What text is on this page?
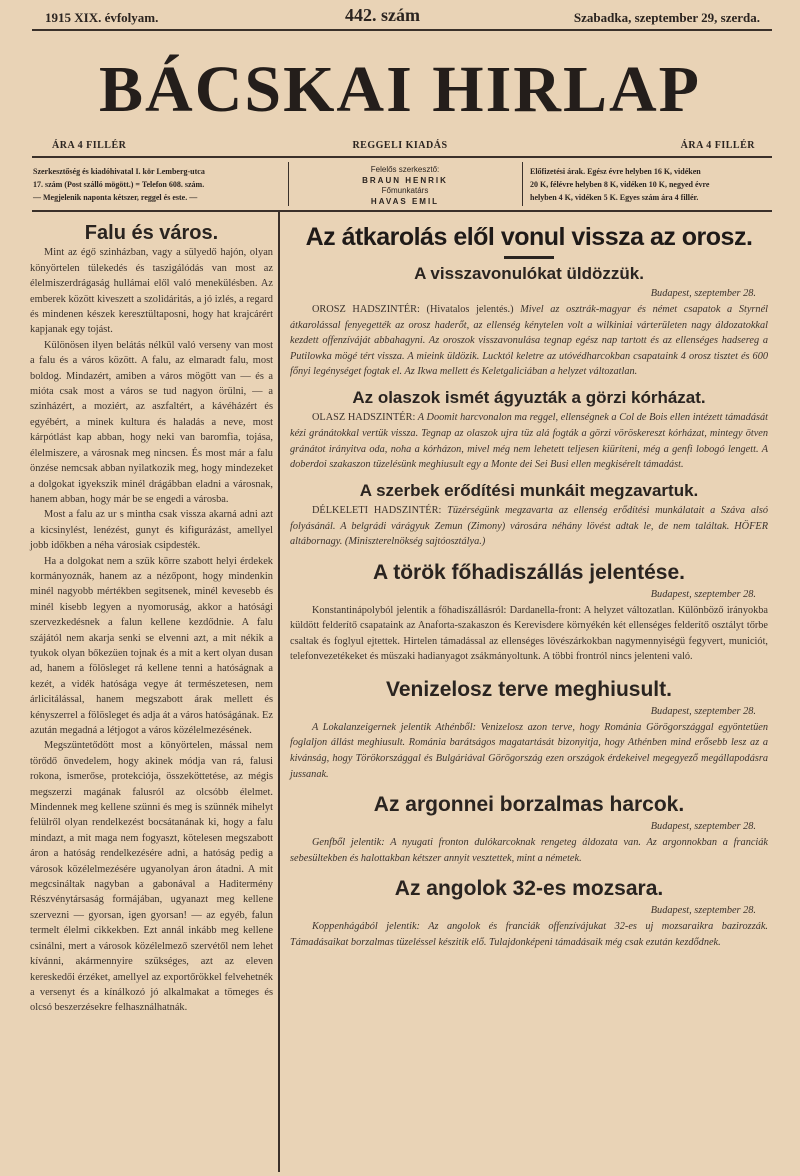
1915 XIX. évfolyam.	442. szám	Szabadka, szeptember 29, szerda.
BÁCSKAI HIRLAP
ÁRA 4 FILLÉR	REGGELI KIADÁS	ÁRA 4 FILLÉR
Szerkesztőség és kiadóhivatal I. kör Lemberg-utca
17. szám (Post szálló mögött.) = Telefon 608. szám.
— Megjelenik naponta kétszer, reggel és este. —
Felelős szerkesztő:
BRAUN HENRIK
Főmunkatárs
HAVAS EMIL
Előfizetési árak. Egész évre helyben 16 K, vidéken
20 K, félévre helyben 8 K, vidéken 10 K, negyed évre
helyben 4 K, vidéken 5 K. Egyes szám ára 4 fillér.
Falu és város.

Mint az égő szinházban, vagy a sülyedő hajón, olyan könyörtelen tülekedés és taszigálódás van most az élelmiszerdrágaság hullámai elől való menekülésben. Az emberek között kiveszett a szolidáritás, a jó izlés, a regard és mindenen készek keresztültaposni, hogy hat krajcárért kapjanak egy tojást.

Különösen ilyen belátás nélkül való verseny van most a falu és a város között. A falu, az elmaradt falu, most boldog. Mindazért, amiben a város mögött van — és a mióta csak most a város se tud nagyon örülni, — a szinházért, a moziért, az aszfaltért, a kávéházért és egyébért, a minek kultura és haladás a neve, most kárpótlást kap abban, hogy neki van baromfia, tojása, élelmiszere, a városnak meg nincsen. És most már a falu önzése nemcsak abban nyilatkozik meg, hogy mindezeket a dolgokat igyekszik minél drágábban eladni a városnak, hanem abban, hogy már be se engedi a városba.

Most a falu az ur s mintha csak vissza akarná adni azt a kicsinylést, lenézést, gunyt és kifigurázást, amellyel jobb időkben a néha városiak csipdesték.

Ha a dolgokat nem a szük körre szabott helyi érdekek kormányoznák, hanem az a nézőpont, hogy mindenkin minél nagyobb mértékben segitsenek, minél kevesebb és minél kisebb legyen a nyomoruság, akkor a hatósági szervezkedésnek a falun kellene kezdődnie. A falu szájától nem akarja senki se elvenni azt, a mit nékik a tyukok olyan bőkezüen tojnak és a mit a kert olyan dusan ad, hanem a fölösleget rá kellene tenni a hatóságnak a kezét, a vidék hatósága vegye át természetesen, nem árlicitálással, hanem megszabott árak mellett és kényszerrel a fölösleget és adja át a város hatóságának. Ez azután megadná a létjogot a város közélelmezésének.

Megszüntetődött most a könyörtelen, mással nem törődő önvedelem, hogy akinek módja van rá, falusi rokona, ismerőse, protekciója, összeköttetése, az mégis megszerzi magának falusról az olcsóbb élelmet. Mindennek meg kellene szünni és meg is szünnék mihelyt felülről olyan rendelkezést bocsátanának ki, hogy a falu mindazt, a mit maga nem fogyaszt, kötelesen megszabott áron a hatóság rendelkezésére adni, a hatóság pedig a városok közélelmezésére ugyanolyan áron átadni. A mit megcsináltak nagyban a gabonával a Haditermény Részvénytársaság formájában, ugyanazt meg kellene szervezni — gyorsan, igen gyorsan! — az egyéb, falun termelt élelmi cikkekben. Ezt annál inkább meg kellene csinálni, mert a városok közélelmező szervétől nem lehet kívánni, akármennyire szükséges, azt az eleven kereskedői érzéket, amellyel az exportőrökkel felvehetnék a versenyt és a kínálkozó jó alkalmakat a tömeges és olcsó beszerzésekre felhasználhatnák.

Az átkarolás elől vonul vissza az orosz.
A visszavonulókat üldözzük.
Budapest, szeptember 28.

OROSZ HADSZINTÉR: (Hivatalos jelentés.) Mivel az osztrák-magyar és német csapatok a Styrnél átkarolással fenyegették az orosz haderőt, az ellenség kénytelen volt a wilkiniai várterületen nagy áldozatokkal kezdett offenzíváját abbahagyni. Az oroszok visszavonulása tegnap egész nap tartott és az ellenséges hadsereg a Putilowka mögé tért vissza. A mieink üldözik. Lucktól keletre az utóvédharcokban csapataink 4 orosz tisztet és 600 főnyi legénységet fogtak el. Az Ikwa mellett és Keletgaliciában a helyzet változatlan.

Az olaszok ismét ágyuzták a görzi kórházat.

OLASZ HADSZINTÉR: A Doomit harcvonalon ma reggel, ellenségnek a Col de Bois ellen intézett támadását kézi gránátokkal vertük vissza. Tegnap az olaszok ujra tüz alá fogták a görzi vöröskereszt kórházat, mintegy ötven gránátot irányitva oda, noha a kórházon, mivel még nem lehetett teljesen kiüríteni, még a genfi lobogó lengett. A doberdoi szakaszon tüzelésünk meghiusult egy a Monte dei Sei Busi ellen megkisérelt támadást.

A szerbek erődítési munkáit megzavartuk.

DÉLKELETI HADSZINTÉR: Tüzérségünk megzavarta az ellenség erődítési munkálatait a Száva alsó folyásánál. A belgrádi várágyuk Zemun (Zimony) városára néhány lövést adtak le, de nem találtak. HÖFER altábornagy. (Miniszterelnökség sajtóosztálya.)

A török főhadiszállás jelentése.
Budapest, szeptember 28.

Konstantinápolyból jelentik a főhadiszállásról: Dardanella-front: A helyzet változatlan. Különböző irányokba küldött felderítő csapataink az Anaforta-szakaszon és Kerevisdere környékén két ellenséges felderítő osztályt tőrbe csaltak és foglyul ejtettek. Hirtelen támadással az ellenséges lövészárkokban nagymennyiségü fegyvert, municiót, telefonvezetékeket és müszaki hadianyagot zsákmányoltunk. A többi frontról nincs jelenteni való.

Venizelosz terve meghiusult.
Budapest, szeptember 28.

A Lokalanzeigernek jelentik Athénből: Venizelosz azon terve, hogy Románia Görögországgal egyöntetüen foglaljon állást meghiusult. Románia barátságos magatartását bizonyitja, hogy Athénben mind erősebb lesz az a kivánság, hogy Törökországgal és Bulgáriával Görögország ezen országok érdekeivel megegyező megállapodásra jussanak.

Az argonnei borzalmas harcok.
Budapest, szeptember 28.

Genfből jelentik: A nyugati fronton dulókarcoknak rengeteg áldozata van. Az argonnokban a franciák sebesültekben és halottakban kétszer annyit vesztettek, mint a németek.

Az angolok 32-es mozsara.
Budapest, szeptember 28.

Koppenhágából jelentik: Az angolok és franciák offenzívájukat 32-es uj mozsaraikra bazirozzák. Támadásaikat borzalmas tüzeléssel készitik elő. Tulajdonképeni támadásaik még csak ezután kezdődnek.
